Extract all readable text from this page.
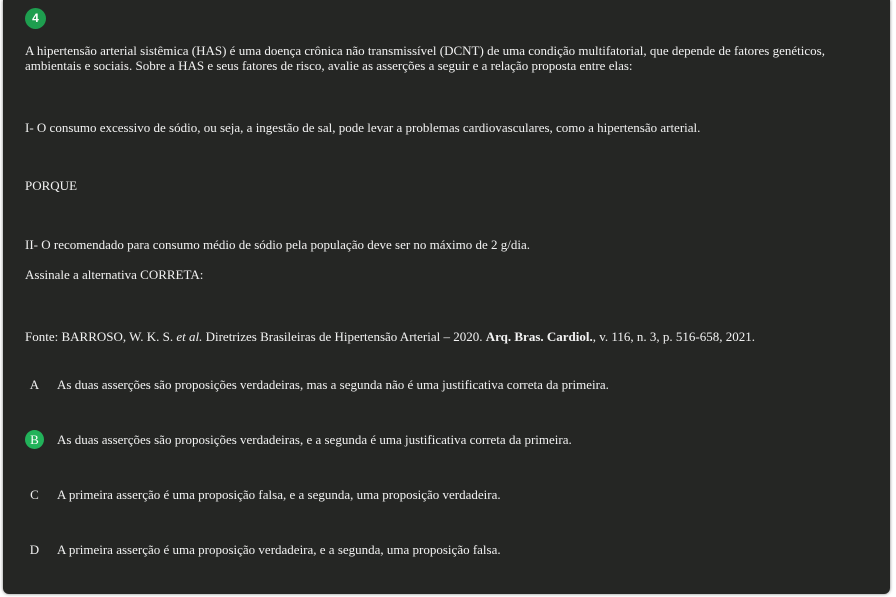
4

A hipertensão arterial sistêmica (HAS) é uma doença crônica não transmissível (DCNT) de uma condição multifatorial, que depende de fatores genéticos, ambientais e sociais. Sobre a HAS e seus fatores de risco, avalie as asserções a seguir e a relação proposta entre elas:

I- O consumo excessivo de sódio, ou seja, a ingestão de sal, pode levar a problemas cardiovasculares, como a hipertensão arterial.

PORQUE

II- O recomendado para consumo médio de sódio pela população deve ser no máximo de 2 g/dia.

Assinale a alternativa CORRETA:

Fonte: BARROSO, W. K. S. et al. Diretrizes Brasileiras de Hipertensão Arterial – 2020. Arq. Bras. Cardiol., v. 116, n. 3, p. 516-658, 2021.

A	As duas asserções são proposições verdadeiras, mas a segunda não é uma justificativa correta da primeira.
B	As duas asserções são proposições verdadeiras, e a segunda é uma justificativa correta da primeira.
C	A primeira asserção é uma proposição falsa, e a segunda, uma proposição verdadeira.
D	A primeira asserção é uma proposição verdadeira, e a segunda, uma proposição falsa.
